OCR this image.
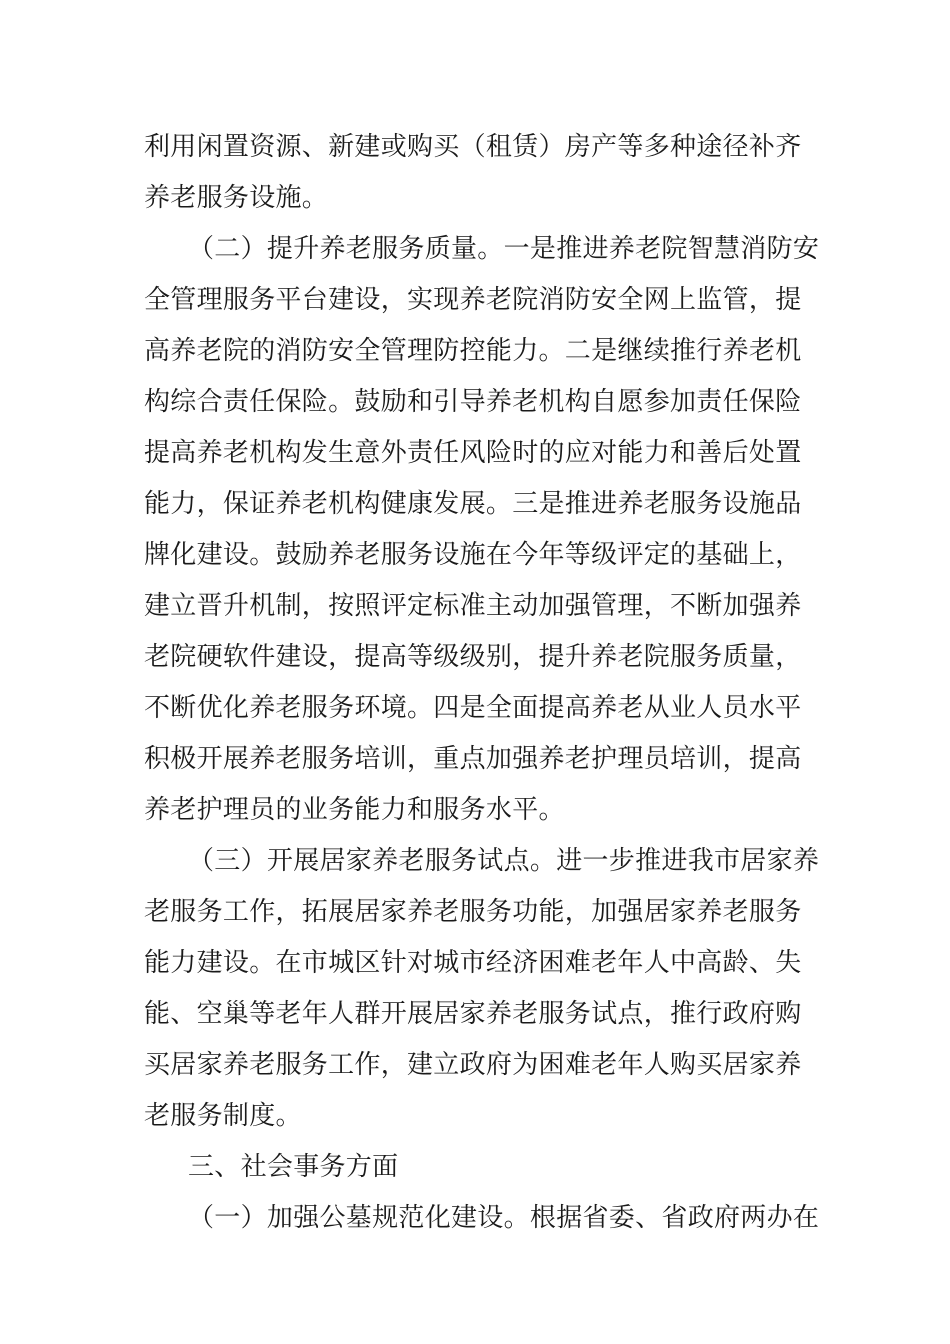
利用闲置资源、新建或购买（租赁）房产等多种途径补齐
养老服务设施。
（二）提升养老服务质量。一是推进养老院智慧消防安
全管理服务平台建设，实现养老院消防安全网上监管，提
高养老院的消防安全管理防控能力。二是继续推行养老机
构综合责任保险。鼓励和引导养老机构自愿参加责任保险
提高养老机构发生意外责任风险时的应对能力和善后处置
能力，保证养老机构健康发展。三是推进养老服务设施品
牌化建设。鼓励养老服务设施在今年等级评定的基础上，
建立晋升机制，按照评定标准主动加强管理，不断加强养
老院硬软件建设，提高等级级别，提升养老院服务质量，
不断优化养老服务环境。四是全面提高养老从业人员水平
积极开展养老服务培训，重点加强养老护理员培训，提高
养老护理员的业务能力和服务水平。
（三）开展居家养老服务试点。进一步推进我市居家养
老服务工作，拓展居家养老服务功能，加强居家养老服务
能力建设。在市城区针对城市经济困难老年人中高龄、失
能、空巢等老年人群开展居家养老服务试点，推行政府购
买居家养老服务工作，建立政府为困难老年人购买居家养
老服务制度。
三、社会事务方面
（一）加强公墓规范化建设。根据省委、省政府两办在
